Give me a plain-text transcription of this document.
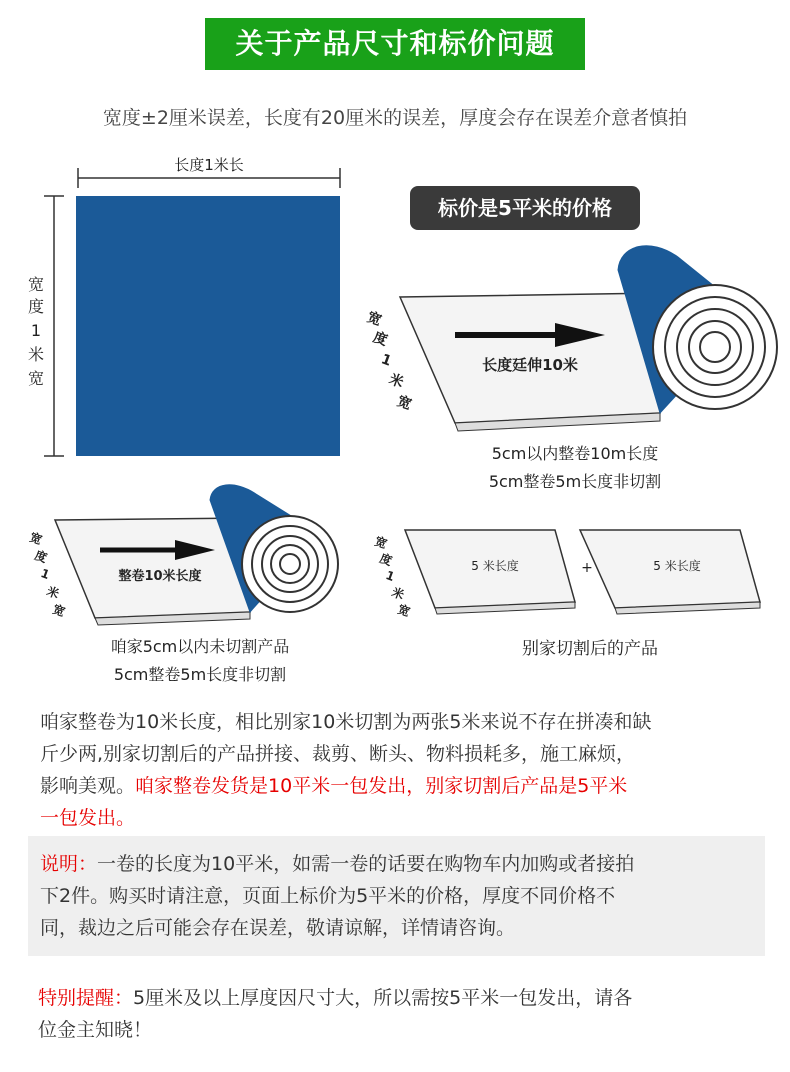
关于产品尺寸和标价问题
宽度±2厘米误差，长度有20厘米的误差，厚度会存在误差介意者慎拍
长度1米长
宽
度
1
米
宽
标价是5平米的价格
长度廷伸10米
宽
度
1
米
宽
5cm以内整卷10m长度
5cm整卷5m长度非切割
整卷10米长度
宽
度
1
米
宽
咱家5cm以内未切割产品
5cm整卷5m长度非切割
5 米长度	+	5 米长度
宽
度
1
米
宽
别家切割后的产品
咱家整卷为10米长度，相比别家10米切割为两张5米来说不存在拼凑和缺
斤少两,别家切割后的产品拼接、裁剪、断头、物料损耗多，施工麻烦，
影响美观。咱家整卷发货是10平米一包发出，别家切割后产品是5平米
一包发出。
说明：一卷的长度为10平米，如需一卷的话要在购物车内加购或者接拍
下2件。购买时请注意，页面上标价为5平米的价格，厚度不同价格不
同，裁边之后可能会存在误差，敬请谅解，详情请咨询。
特别提醒：5厘米及以上厚度因尺寸大，所以需按5平米一包发出，请各
位金主知晓！
